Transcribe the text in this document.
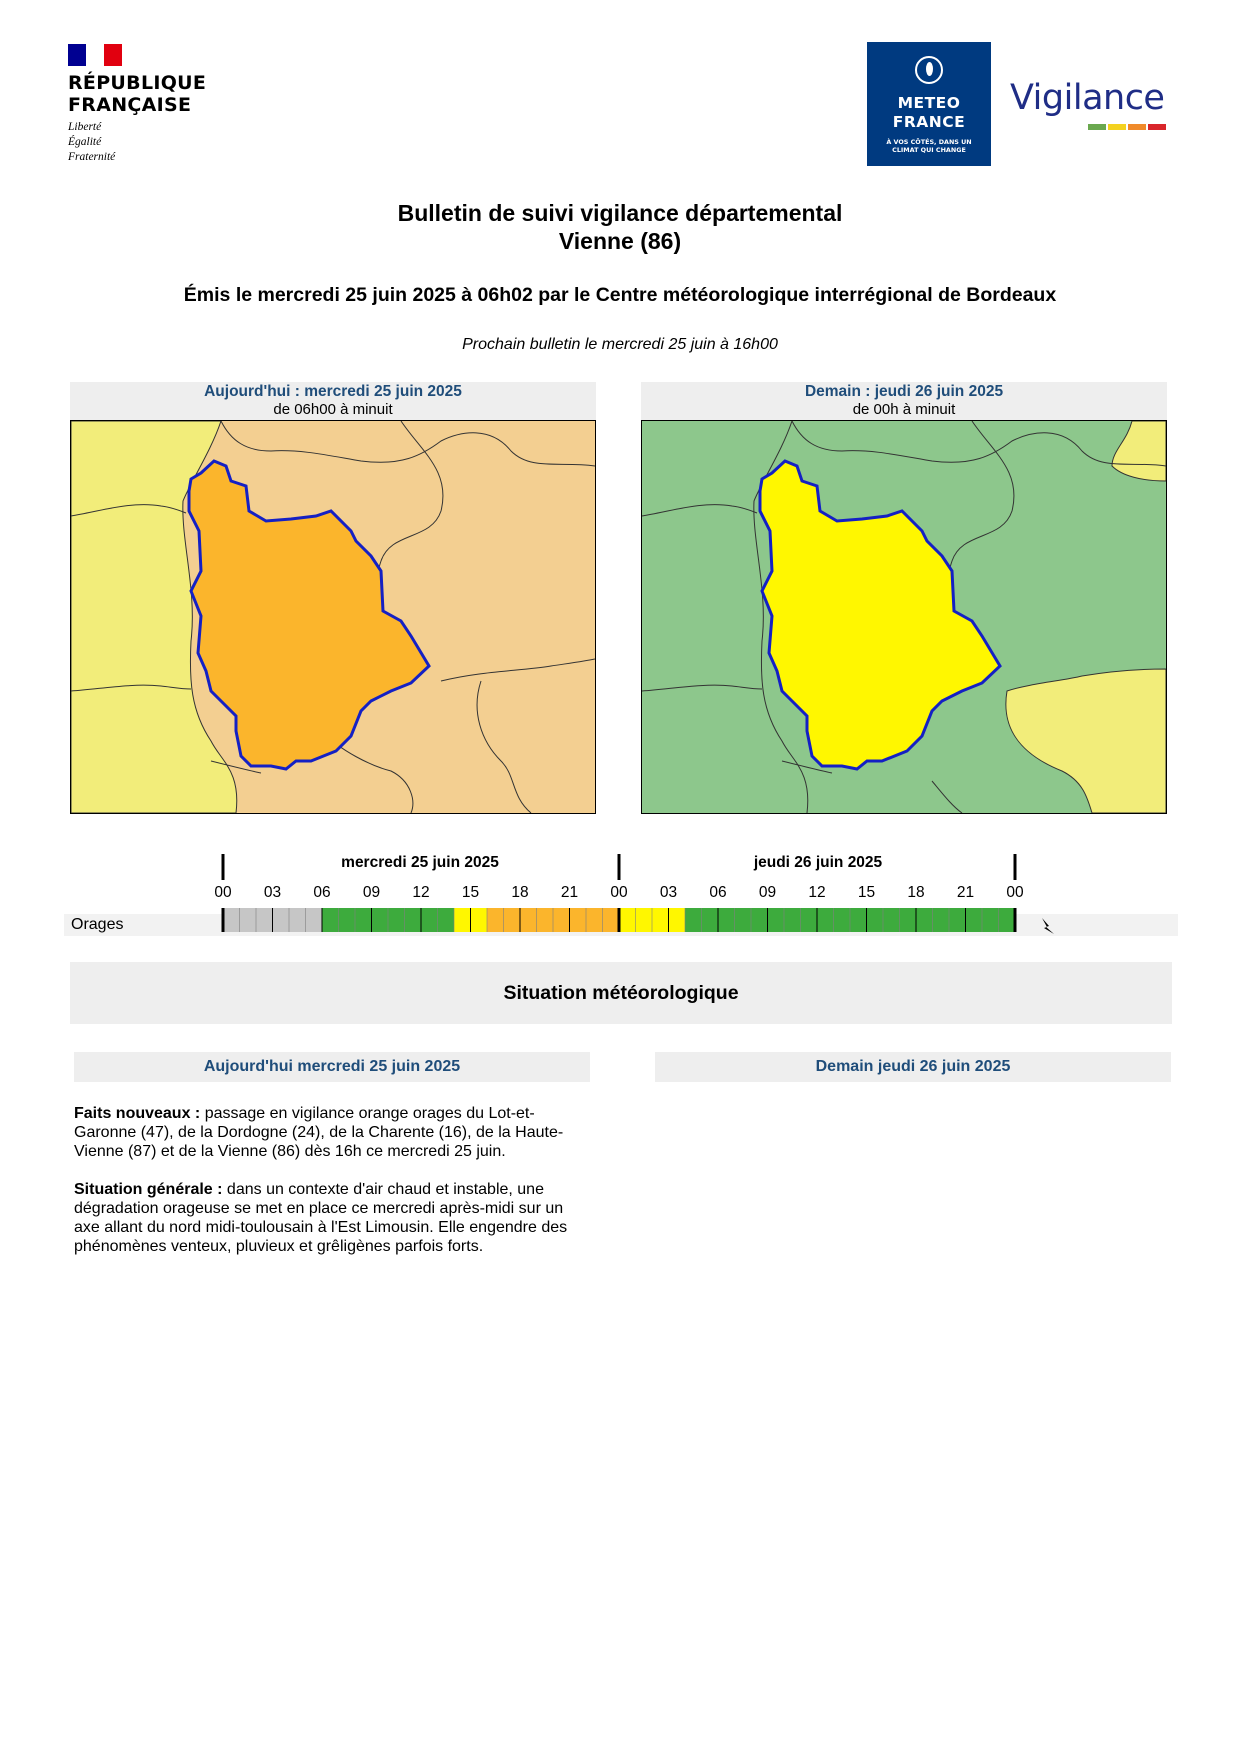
RÉPUBLIQUE
FRANÇAISE
Liberté
Égalité
Fraternité
METEO
FRANCE
À VOS CÔTÉS, DANS UN
CLIMAT QUI CHANGE
Vigilance
Bulletin de suivi vigilance départemental
Vienne (86)
Émis le mercredi 25 juin 2025 à 06h02 par le Centre météorologique interrégional de Bordeaux
Prochain bulletin le mercredi 25 juin à 16h00
Aujourd'hui : mercredi 25 juin 2025
de 06h00 à minuit
Demain : jeudi 26 juin 2025
de 00h à minuit
mercredi 25 juin 2025	jeudi 26 juin 2025
00	03	06	09	12	15	18	21	00	03	06	09	12	15	18	21	00
Orages
Situation météorologique
Aujourd'hui mercredi 25 juin 2025	Demain jeudi 26 juin 2025
Faits nouveaux : passage en vigilance orange orages du Lot-et-Garonne (47), de la Dordogne (24), de la Charente (16), de la Haute-Vienne (87) et de la Vienne (86) dès 16h ce mercredi 25 juin.
Situation générale : dans un contexte d'air chaud et instable, une dégradation orageuse se met en place ce mercredi après-midi sur un axe allant du nord midi-toulousain à l'Est Limousin. Elle engendre des phénomènes venteux, pluvieux et grêligènes parfois forts.
